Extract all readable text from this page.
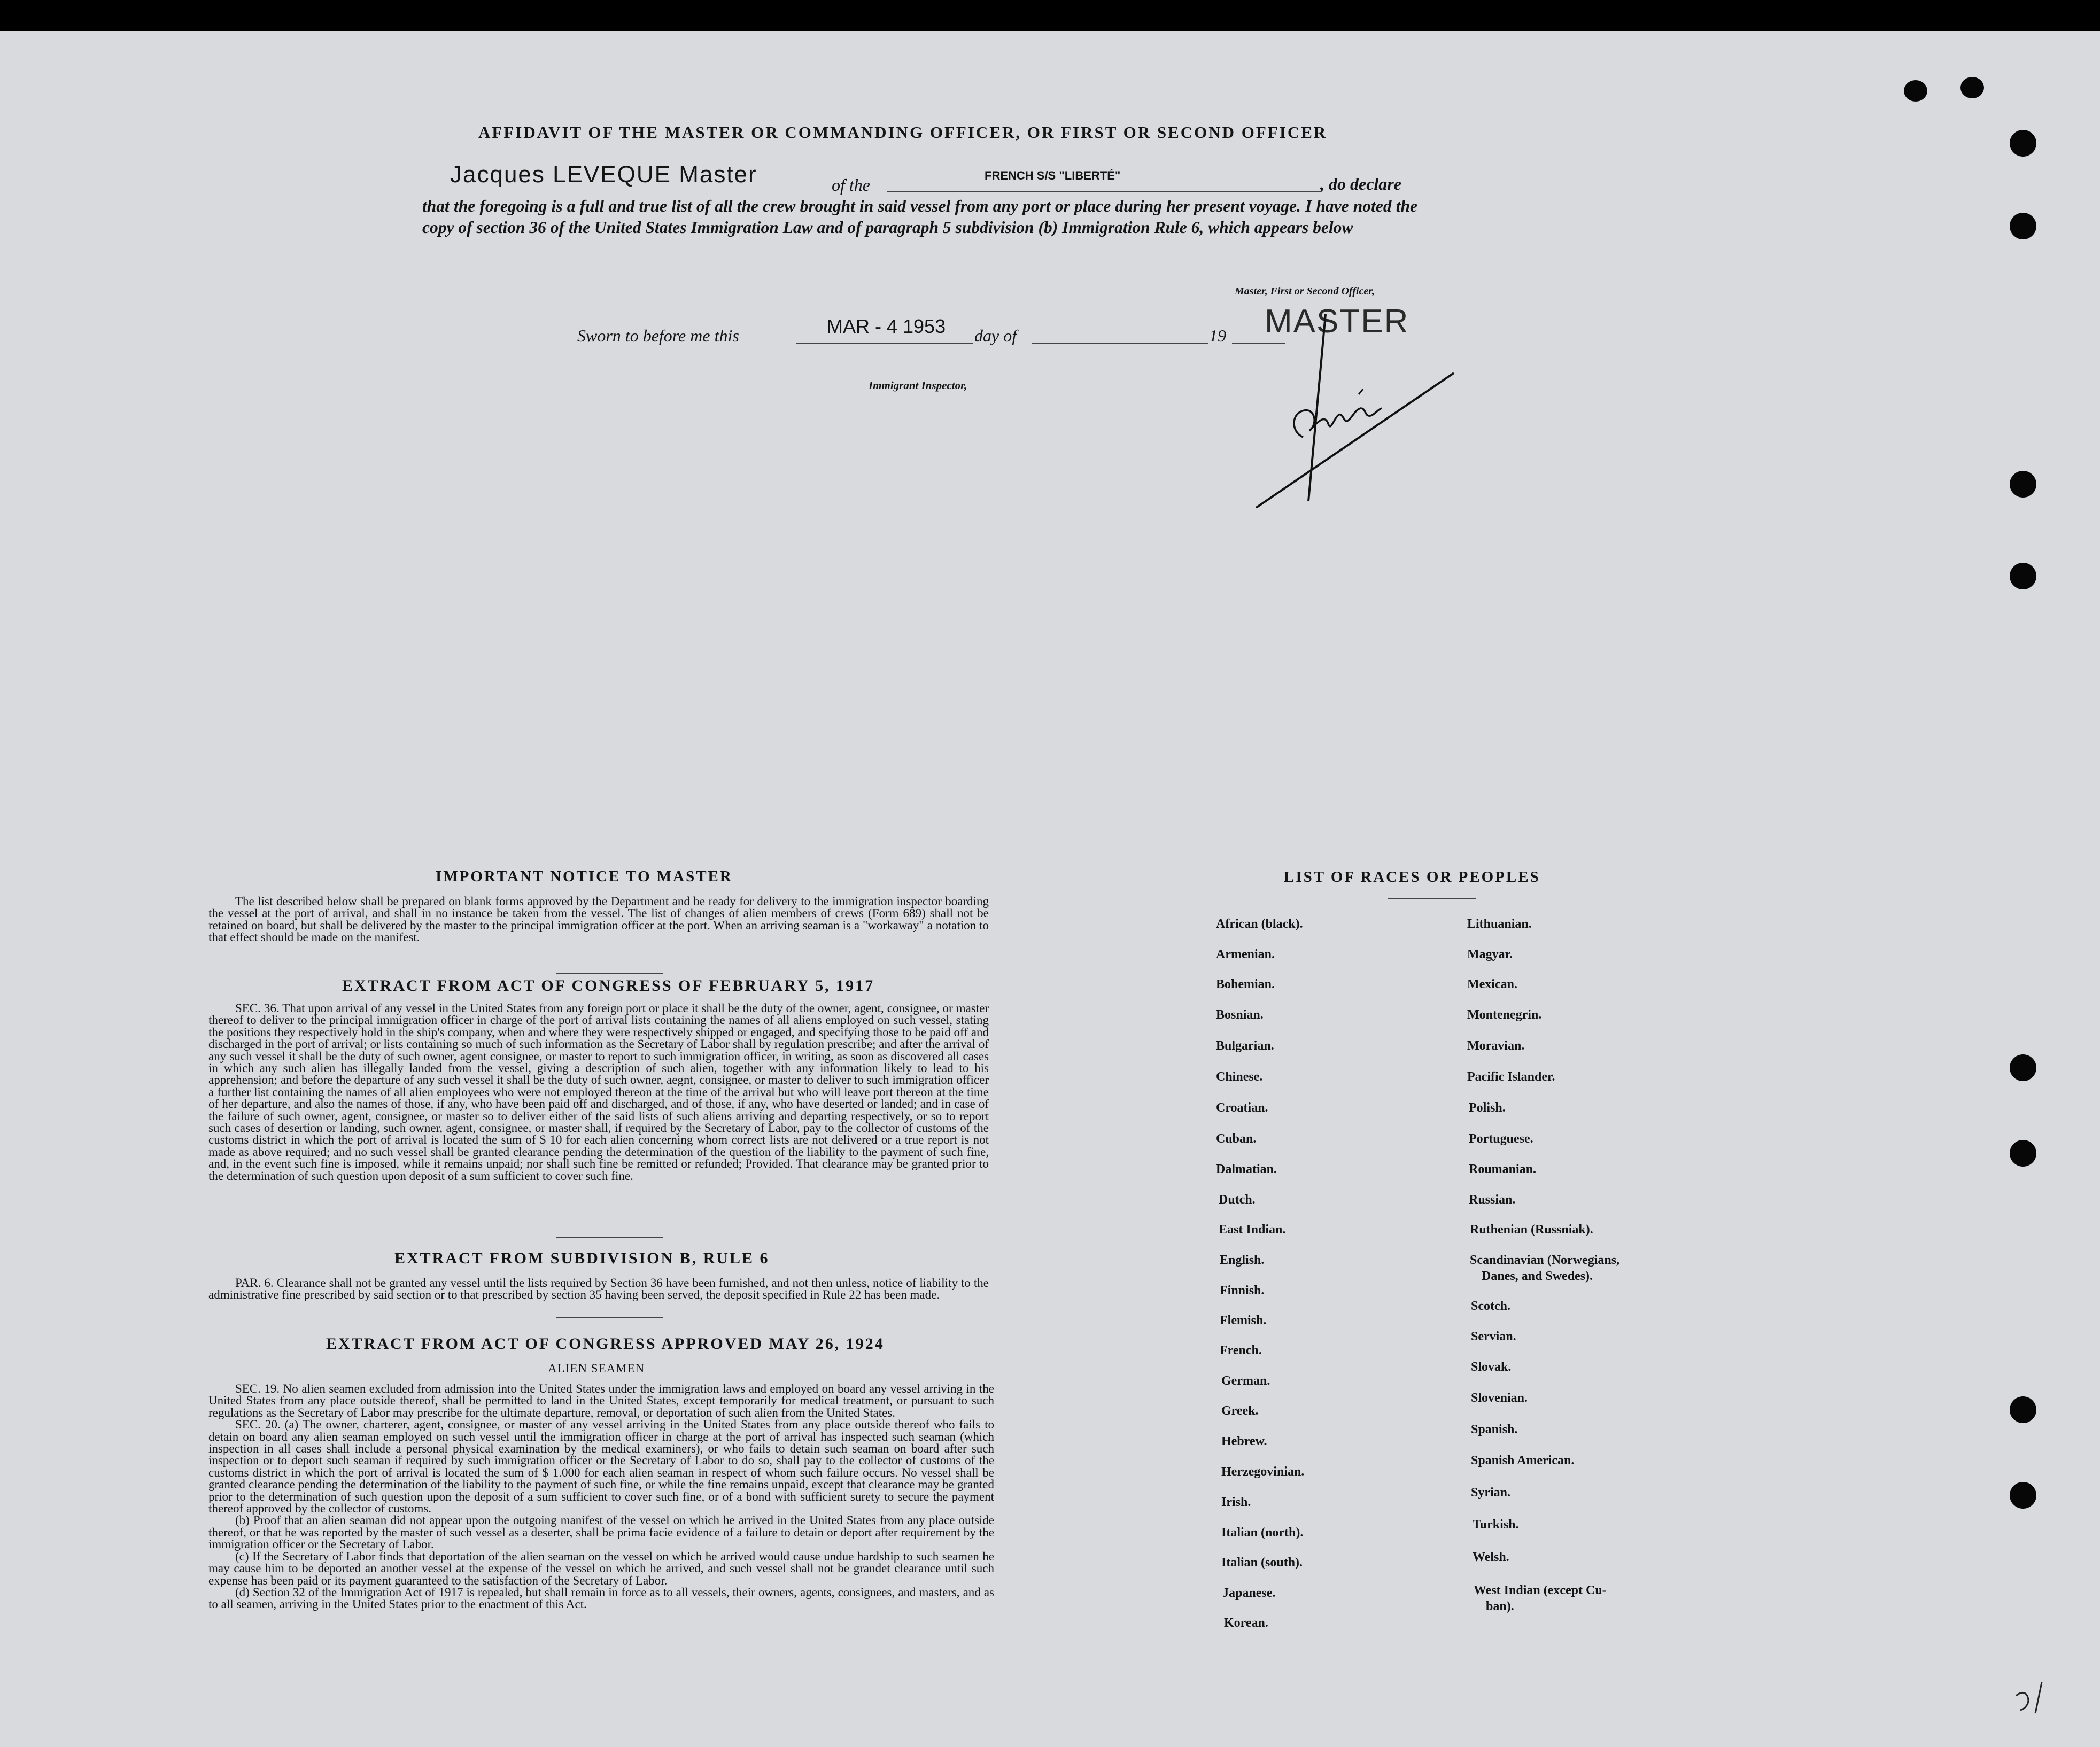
AFFIDAVIT OF THE MASTER OR COMMANDING OFFICER, OR FIRST OR SECOND OFFICER
Jacques LEVEQUE Master	of the	FRENCH S/S "LIBERTÉ"	, do declare
that the foregoing is a full and true list of all the crew brought in said vessel from any port or place during her present voyage. I have noted the copy of section 36 of the United States Immigration Law and of paragraph 5 subdivision (b) Immigration Rule 6, which appears below
Master, First or Second Officer,
MASTER
Sworn to before me this	MAR - 4 1953 day of	19
Immigrant Inspector,
IMPORTANT NOTICE TO MASTER
The list described below shall be prepared on blank forms approved by the Department and be ready for delivery to the immigration inspector boarding the vessel at the port of arrival, and shall in no instance be taken from the vessel. The list of changes of alien members of crews (Form 689) shall not be retained on board, but shall be delivered by the master to the principal immigration officer at the port. When an arriving seaman is a "workaway" a notation to that effect should be made on the manifest.
EXTRACT FROM ACT OF CONGRESS OF FEBRUARY 5, 1917
SEC. 36. That upon arrival of any vessel in the United States from any foreign port or place it shall be the duty of the owner, agent, consignee, or master thereof to deliver to the principal immigration officer in charge of the port of arrival lists containing the names of all aliens employed on such vessel, stating the positions they respectively hold in the ship's company, when and where they were respectively shipped or engaged, and specifying those to be paid off and discharged in the port of arrival; or lists containing so much of such information as the Secretary of Labor shall by regulation prescribe; and after the arrival of any such vessel it shall be the duty of such owner, agent consignee, or master to report to such immigration officer, in writing, as soon as discovered all cases in which any such alien has illegally landed from the vessel, giving a description of such alien, together with any information likely to lead to his apprehension; and before the departure of any such vessel it shall be the duty of such owner, aegnt, consignee, or master to deliver to such immigration officer a further list containing the names of all alien employees who were not employed thereon at the time of the arrival but who will leave port thereon at the time of her departure, and also the names of those, if any, who have been paid off and discharged, and of those, if any, who have deserted or landed; and in case of the failure of such owner, agent, consignee, or master so to deliver either of the said lists of such aliens arriving and departing respectively, or so to report such cases of desertion or landing, such owner, agent, consignee, or master shall, if required by the Secretary of Labor, pay to the collector of customs of the customs district in which the port of arrival is located the sum of $ 10 for each alien concerning whom correct lists are not delivered or a true report is not made as above required; and no such vessel shall be granted clearance pending the determination of the question of the liability to the payment of such fine, and, in the event such fine is imposed, while it remains unpaid; nor shall such fine be remitted or refunded; Provided. That clearance may be granted prior to the determination of such question upon deposit of a sum sufficient to cover such fine.
EXTRACT FROM SUBDIVISION B, RULE 6
PAR. 6. Clearance shall not be granted any vessel until the lists required by Section 36 have been furnished, and not then unless, notice of liability to the administrative fine prescribed by said section or to that prescribed by section 35 having been served, the deposit specified in Rule 22 has been made.
EXTRACT FROM ACT OF CONGRESS APPROVED MAY 26, 1924
ALIEN SEAMEN
SEC. 19. No alien seamen excluded from admission into the United States under the immigration laws and employed on board any vessel arriving in the United States from any place outside thereof, shall be permitted to land in the United States, except temporarily for medical treatment, or pursuant to such regulations as the Secretary of Labor may prescribe for the ultimate departure, removal, or deportation of such alien from the United States.
SEC. 20. (a) The owner, charterer, agent, consignee, or master of any vessel arriving in the United States from any place outside thereof who fails to detain on board any alien seaman employed on such vessel until the immigration officer in charge at the port of arrival has inspected such seaman (which inspection in all cases shall include a personal physical examination by the medical examiners), or who fails to detain such seaman on board after such inspection or to deport such seaman if required by such immigration officer or the Secretary of Labor to do so, shall pay to the collector of customs of the customs district in which the port of arrival is located the sum of $ 1.000 for each alien seaman in respect of whom such failure occurs. No vessel shall be granted clearance pending the determination of the liability to the payment of such fine, or while the fine remains unpaid, except that clearance may be granted prior to the determination of such question upon the deposit of a sum sufficient to cover such fine, or of a bond with sufficient surety to secure the payment thereof approved by the collector of customs.
(b) Proof that an alien seaman did not appear upon the outgoing manifest of the vessel on which he arrived in the United States from any place outside thereof, or that he was reported by the master of such vessel as a deserter, shall be prima facie evidence of a failure to detain or deport after requirement by the immigration officer or the Secretary of Labor.
(c) If the Secretary of Labor finds that deportation of the alien seaman on the vessel on which he arrived would cause undue hardship to such seamen he may cause him to be deported an another vessel at the expense of the vessel on which he arrived, and such vessel shall not be grandet clearance until such expense has been paid or its payment guaranteed to the satisfaction of the Secretary of Labor.
(d) Section 32 of the Immigration Act of 1917 is repealed, but shall remain in force as to all vessels, their owners, agents, consignees, and masters, and as to all seamen, arriving in the United States prior to the enactment of this Act.
LIST OF RACES OR PEOPLES
African (black).
Armenian.
Bohemian.
Bosnian.
Bulgarian.
Chinese.
Croatian.
Cuban.
Dalmatian.
Dutch.
East Indian.
English.
Finnish.
Flemish.
French.
German.
Greek.
Hebrew.
Herzegovinian.
Irish.
Italian (north).
Italian (south).
Japanese.
Korean.
Lithuanian.
Magyar.
Mexican.
Montenegrin.
Moravian.
Pacific Islander.
Polish.
Portuguese.
Roumanian.
Russian.
Ruthenian (Russniak).
Scandinavian (Norwegians,
Danes, and Swedes).
Scotch.
Servian.
Slovak.
Slovenian.
Spanish.
Spanish American.
Syrian.
Turkish.
Welsh.
West Indian (except Cu-
ban).
